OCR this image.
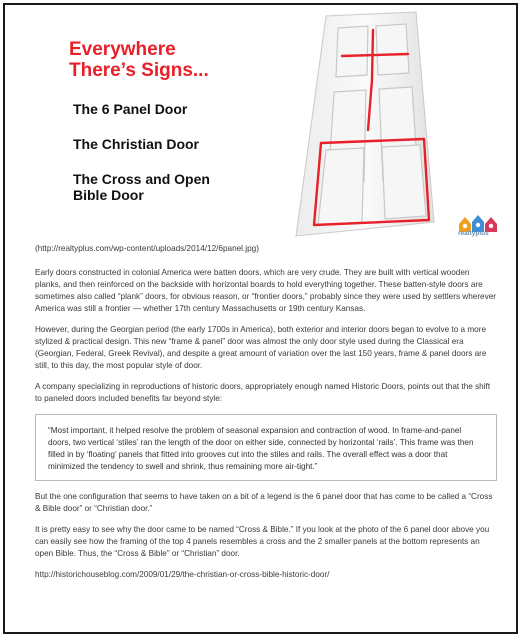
Everywhere
There’s Signs...
The 6 Panel Door
The Christian Door
The Cross and Open
Bible Door
realtyplus

(http://realtyplus.com/wp-content/uploads/2014/12/6panel.jpg)

Early doors constructed in colonial America were batten doors, which are very crude. They are built with vertical wooden planks, and then reinforced on the backside with horizontal boards to hold everything together. These batten-style doors are sometimes also called “plank” doors, for obvious reason, or “frontier doors,” probably since they were used by settlers wherever America was still a frontier — whether 17th century Massachusetts or 19th century Kansas.

However, during the Georgian period (the early 1700s in America), both exterior and interior doors began to evolve to a more stylized & practical design. This new “frame & panel” door was almost the only door style used during the Classical era (Georgian, Federal, Greek Revival), and despite a great amount of variation over the last 150 years, frame & panel doors are still, to this day, the most popular style of door.

A company specializing in reproductions of historic doors, appropriately enough named Historic Doors, points out that the shift to paneled doors included benefits far beyond style:

“Most important, it helped resolve the problem of seasonal expansion and contraction of wood. In frame-and-panel doors, two vertical ‘stiles’ ran the length of the door on either side, connected by horizontal ‘rails’. This frame was then filled in by ‘floating’ panels that fitted into grooves cut into the stiles and rails. The overall effect was a door that minimized the tendency to swell and shrink, thus remaining more air-tight.”

But the one configuration that seems to have taken on a bit of a legend is the 6 panel door that has come to be called a “Cross & Bible door” or “Christian door.”

It is pretty easy to see why the door came to be named “Cross & Bible.” If you look at the photo of the 6 panel door above you can easily see how the framing of the top 4 panels resembles a cross and the 2 smaller panels at the bottom represents an open Bible. Thus, the “Cross & Bible” or “Christian” door.

http://historichouseblog.com/2009/01/29/the-christian-or-cross-bible-historic-door/
